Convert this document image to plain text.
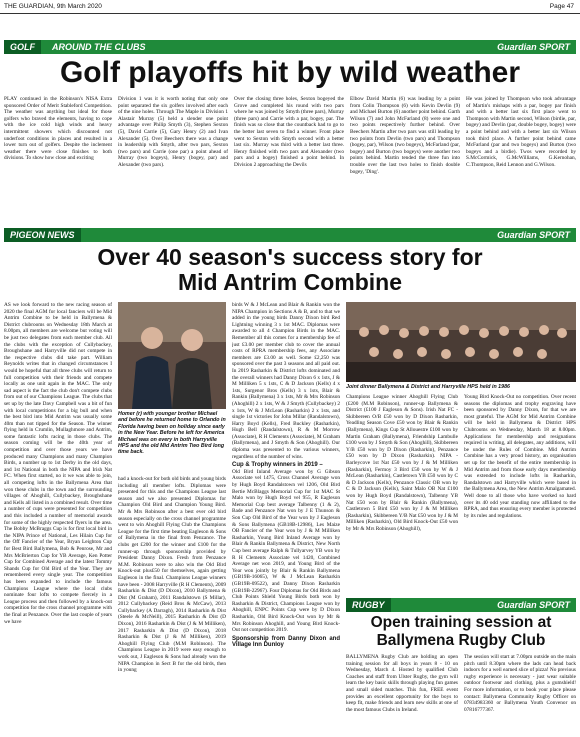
THE GUARDIAN, 9th March 2020	Page 47
GOLF	AROUND THE CLUBS	Guardian SPORT
Golf playoffs hit by wild weather
PLAY continued in the Robinson's NISA Extra sponsored Order of Merit Stableford Competition. The weather was anything but ideal for those golfers who braved the elements, having to cope with the ice cold high winds and heavy intermittent showers which discounted not underfoot conditions in places and resulted in a lower turn out of golfers. Despite the inclement weather there were close finishes to both divisions. To show how close and exciting
Division 1 was it is worth noting that only one point separated the six golfers involved after each of the nine holes. Through The Maple in Division 1 Alastair Murray (5) held a slender one point advantage over Philip Smyth (3), Stephen Sexton (5), David Carrie (5), Gary Henry (2) and Ivan Alexander (5). Over Beechers there was a change in leadership with Smyth, after two pars, Sexton (two pars) and Carrie (one par) a point ahead of Murray (two bogeys), Henry (bogey, par) and Alexander (two pars).
Over the closing three holes, Sexton bogeyed the Grove and completed his round with two pars where he was joined by Smyth (three pars), Murray (three pars) and Carrie with a par, bogey, par. The finish was so close that the countback had to go to the better last seven to find a winner. Front place went to Sexton with Smyth second with a better last six. Murray was third with a better last three. Henry finished with two pars and Alexander (two pars and a bogey) finished a point behind. In Division 2 approaching the Devils
Elbow David Martin (6) was leading by a point from Colin Thompson (6) with Kevin Devlin (9) and Michael Burton (6) another point behind. Garth Wilson (7) and John McFarland (8) were one and two points respectively further behind. Over Beechers Martin after two pars was still leading by two points from Devlin (two pars) and Thompson (bogey, par), Wilson (two bogeys), McFarland (par, bogey) and Burton (two bogeys) were another two points behind. Martin tended the three fun into trouble over the last two holes to finish double bogey, 'Ding'.
He was joined by Thompson who took advantage of Martin's mishaps with a par, bogey par finish and with a better last six first place went to Thompson with Martin second, Wilson (birdie, par, bogey) and Devlin (par, double bogey, bogey) were a point behind and with a better last six Wilson took third place. A further point behind came McFarland (par and two bogeys) and Burton (two bogeys and a birdie). Twos were recorded by S.McCormick, G.McWilliams, G.Kernohan, C.Thompson, Reid Lennon and G.Wilson.
PIGEON NEWS	Guardian SPORT
Over 40 season's success story for
Mid Antrim Combine
AS we look forward to the new racing season of 2020 the final AGM for local fanciers will be Mid Antrim Combine to be held in Ballymena & District clubrooms on Wednesday 18th March at 8.00pm, all members are welcome but voting will be just two delegates from each member club. All the clubs with the exception of Cullybackey, Broughshane and Harryville did not compete in the respective clubs did take part. William Reynolds writes that in changed circumstances I would be hopeful that all three clubs will return to full competition with their friends and compete locally as one unit again in the MAC. The only sad aspect is the fact the club don't compete clubs from out of our Champions League. The clubs that set up by the late Davy Campbell was a bit of fun with local competitions for a big bull and when the best bird into Mid Antrim was usually some 40m than not tipped for the Season. The winner flying held in Crumlin, Mullaghmore and Antrim, some fantastic lofts racing in those clubs. The season coming will be the 40th year of competition and over those years we have produced many Champions and many Champion Birds, a number up to 1st Derby in the old days, and 1st National in both the NIPA and Irish Nat FC. When first started, no it we was able to join, all competing lofts in the Ballymena Area that won these clubs in the town and the surrounding villages of Ahoghill, Cullybackey, Broughshane and Kells all listed in a combined result. Over time a number of cups were presented for competition and this included a number of memorial awards for some of the highly respected flyers in the area. The Bobby McBraggs Cup is for first local bird in the NIPA Prince of National, Les Hilain Cup for the Off Fancier of the Year, Bryan Leighton Cup for Best Bird Ballymena, Bob & Penrose, Mr and Mrs McBrierton Cup for YB Average, Ken Potter Cup for Combined Average and the latest Tommy Shands Cup for Old Bird of the Year. They are remembered every single year. The competition has been expanded to include the famous Champions League where the local clubs nominate four lofts to compete fiercely in a League process and then followed by a knock-out competition for the cross channel programme with the final at Penzance. Over the last couple of years we have
Homer (r) with younger brother Michael and before he returned home to Orlando in Florida having been on holiday since early in the New Year. Before he left for America Michael was on every in both Harryville HPS and the old Mid Antrim Two Bird long time back.
had a knock-out for both old birds and young birds including all member lofts. Diplomas were presented for this and the Champions League last season and we also presented Diplomas for Champion Old Bird and Champion Young Bird. Mr & Mrs Robinson after a best ever old bird season especially on the cross channel programme went to win Ahoghill Flying Club the Champions League for the first time beating Eagleson & Sons of Ballymena in the final from Penzance. The clubs get £200 for the winner and £100 for the runner-up through sponsorship provided by President Danny Dixon. Fresh from Penzance M.M. Robinson were to also win the Old Bird Knock-out plus£50 for themselves, again getting Eagleson in the final. Champions League winners have been - 2008 Harryville (R H Clements), 2009 Rasharkin & Dist (D Dixon), 2010 Ballymena & Dist (M Graham), 2011 Randalstown (S Millar), 2012 Cullybackey (Reid Bros & McCaw), 2013 Cullybackey (A Darragh), 2014 Rasharkin & Dist (Steele & McNeill), 2015 Rasharkin & Dist (D Dixon), 2016 Rasharkin & Dist (J & M Milliken), 2017 Rasharkin & Dist (D Dixon), 2018 Rasharkin & Dist (J & M Milliken), 2019 Ahoghill Flying Club (M.M Robinson). The Champions League in 2019 were easy enough to work out, J Eagleson & Sons had already won the NIPA Champion in Sect B for the old birds, then in young
birds W & J McLean and Blair & Rankin won the NIPA Champion in Sections A & B, and to that we added in the young birds Danny Dixon bird Red Lightning winning 3 x 1st MAC. Diplomas were awarded to all 4 Champion Birds in the MAC. Remember all this comes for a membership fee of just £3.00 per member club to cover the annual costs of RPRA membership fees, any Associate members are £3.00 as well. Some £2,250 was sponsored over the past 3 seasons and all paid out. In 2019 Rasharkin & District lofts dominated and the overall winners had Danny Dixon 6 x 1sts, J & M Milliken 5 x 1sts, C & D Jackson (Kells) 4 x 1sts, Surgenor Bros (Kells) 3 x 1sts, Blair & Rankin (Ballymena) 3 x 1sts, Mr & Mrs Robinson (Ahoghill) 2 x 1sts, W & J Smyth (Cullybackey) 2 x 1sts, W & J McLean (Rasharkin) 2 x 1sts, and single 1st victories for John Millar (Randalstown), Harry Boyd (Kells), Fred Buckley (Rasharkin), Hugh Bell (Randalstown), R & M Morrow (Associate), R H Clements (Associate), M Graham (Ballymena), and J Smyth & Son (Ahoghill). Our diploma was presented to the various winners, regardless of the number of wins.
Cup & Trophy winners in 2019 –
Old Bird Inland Average won by G Gibson Associate vel 1475, Cross Channel Average won by Hugh Boyd Randalstown vel 1206, Old Bird Bertie McBlaggs Memorial Cup for 1st MAC St Malo won by Hugh Boyd vel 955, R Eagleson Memorial Cup best average Talbenny (1 & 2), Bade and Penzance Nat won by J E Thunson & Son Cup Old Bird of the Year won by J Eagleson & Sons Ballymena (GB18B-12986), Les Maize OB Fancier of the Year won by J & M Milliken Rasharkin, Young Bird Inland Average won by Blair & Rankin Ballymena & District, New North Cup best average Ralph & Tullyarvey YB won by R H Clements Associate vel 1420, Combined Average net won 2019, and Young Bird of the Year won jointly by Blair & Rankin Ballymena (GB19B-16065), W & J McLean Rasharkin (GB19B-09522), and Danny Dixon Rasharkin (GB19B-22967). Four Diplomas for Old Birds and Club Points Shield Young Birds both won by Rasharkin & District, Champions League won by Ahoghill, ENPC Points Cup were by D Dixon Rasharkin, Old Bird Knock-Out won by Mr & Mrs Robinson Ahoghill, and Young Bird Knock-Out not competition 2019.
Sponsorship from Danny Dixon and Village Inn Dunloy
Joint dinner Ballymena & District and Harryville HPS held in 1986
Champions League winner Ahoghill Flying Club (£200 (M.M Robinson), runner-up Ballymena & District (£100 J Eagleson & Sons). Irish Nat FC - Skibbereen O/B £50 won by D Dixon Rasharkin, Yeadling Season Cove £50 won by Blair & Rankin (Ballymena), Kings Cup St Allouestre £100 won by Martin Graham (Ballymena), Friendship Lambulle £100 won by J Smyth & Son (Ahoghill), Skibbereen Y/B £50 won by D Dixon (Rasharkin), Penzance £50 won by D Dixon (Rasharkin). NIPA - Barleycove 1st Nat £50 won by J & M Milliken (Rasharkin), Fermoy 3 Bird £50 won by W & J McLean (Rasharkin), Castletown YB £50 won by C & D Jackson (Kells), Penzance Classic OB won by C & D Jackson (Kells), Saint Malo OB Nat £100 won by Hugh Boyd (Randalstown), Talbenny YB Nat £50 won by Blair & Rankin (Ballymena), Castletown 5 Bird £50 won by J & M Milliken (Rasharkin), Skibbereen Y/B Nat £50 won by J & M Milliken (Rasharkin), Old Bird Knock-Out £50 won by Mr & Mrs Robinson (Ahoghill),
Young Bird Knock-Out no competition. Over recent seasons the diplomas and trophy engraving have been sponsored by Danny Dixon, for that we are most grateful. The AGM for Mid Antrim Combine will be held in Ballymena & District HPS Clubrooms on Wednesday, March 18 at 8.00pm. Applications for membership and resignations required in writing, all delegates, any additions, will be under the Rules of Combine. Mid Antrim Combine has a very proud history, an organisation set up for the benefit of the entire membership in Mid Antrim and from those early days membership was extended to include lofts in Rasharkin, Randalstown and Harryville which were based in the Ballymena Area, the New Antrim Amalgamated. Well done to all those who have worked so hard over its 40 odd year standing now affiliated to the RPRA, and thus ensuring every member is protected by its rules and regulations.
RUGBY	Guardian SPORT
Open training session at
Ballymena Rugby Club
BALLYMENA Rugby Club are holding an open training session for all boys in years 8 - 10 on Wednesday, March 4. Hosted by qualified Club Coaches and staff from Ulster Rugby, the gym will learn the key basic skills through playing fun games and small sided matches. This fun, FREE event provides an excellent opportunity for the boys to keep fit, make friends and learn new skills at one of the most famous Clubs in Ireland.
The session will start at 7.00pm outside on the main pitch until 8.30pm where the lads can head back indoors for a well earned slice of pizza! No previous rugby experience is necessary - just wear suitable outdoor footwear and clothing, plus a gumshield! For more information, or to book your place please contact: Ballymena Community Rugby Officer on 07834983360 or Ballymena Youth Convenor on 07816777367.
